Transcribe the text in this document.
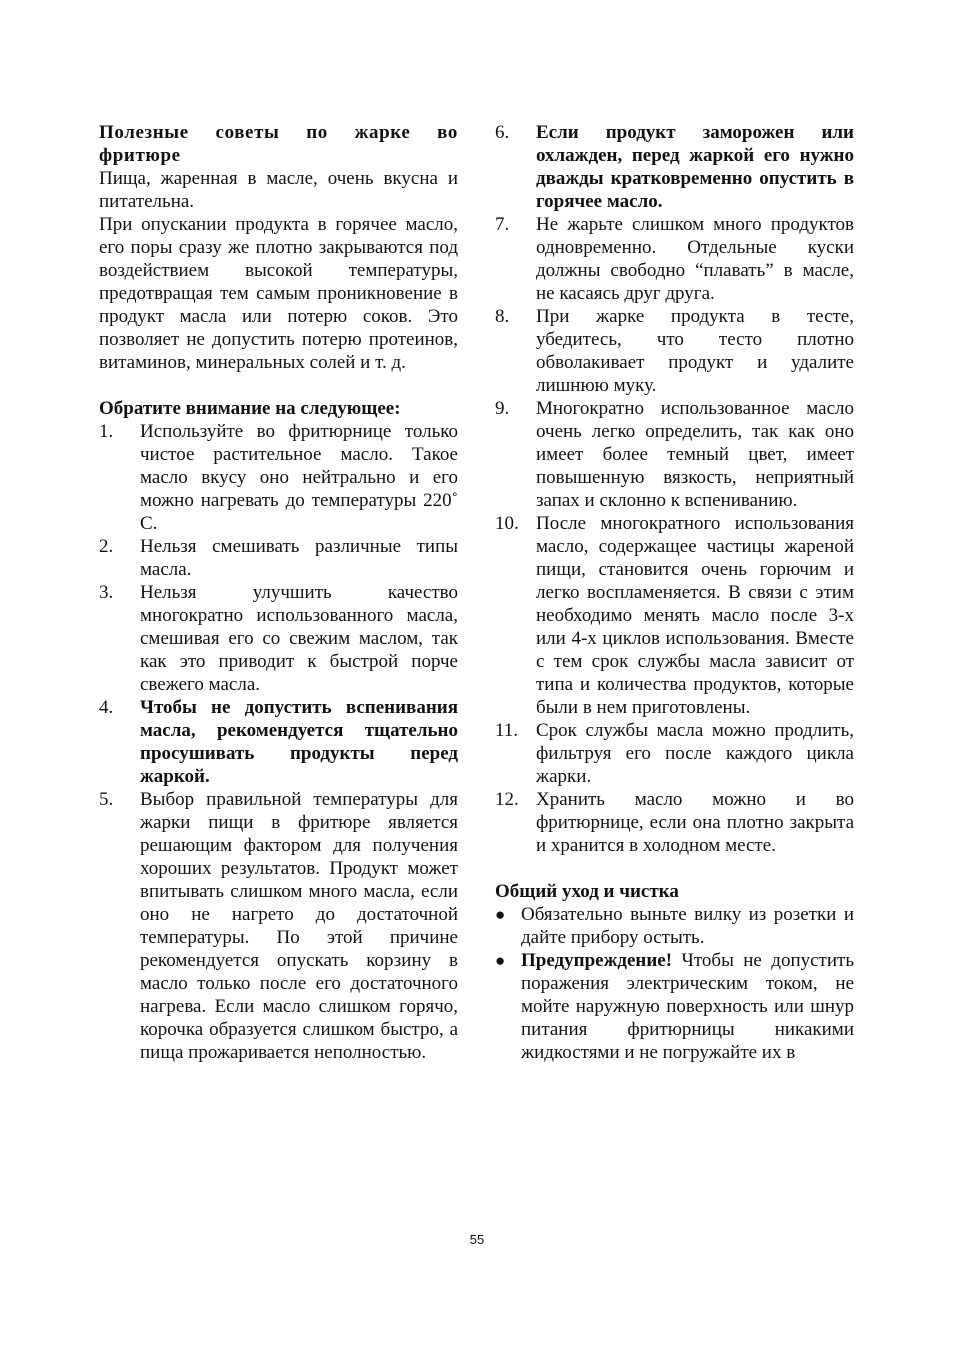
Полезные советы по жарке во фритюре

Пища, жаренная в масле, очень вкусна и питательна.

При опускании продукта в горячее масло, его поры сразу же плотно закрываются под воздействием высокой температуры, предотвращая тем самым проникновение в продукт масла или потерю соков. Это позволяет не допустить потерю протеинов, витаминов, минеральных солей и т. д.

Обратите внимание на следующее:
1.	Используйте во фритюрнице только чистое растительное масло. Такое масло вкусу оно нейтрально и его можно нагревать до температуры 220˚ С.
2.	Нельзя смешивать различные типы масла.
3.	Нельзя улучшить качество многократно использованного масла, смешивая его со свежим маслом, так как это приводит к быстрой порче свежего масла.
4.	Чтобы не допустить вспенивания масла, рекомендуется тщательно просушивать продукты перед жаркой.
5.	Выбор правильной температуры для жарки пищи в фритюре является решающим фактором для получения хороших результатов. Продукт может впитывать слишком много масла, если оно не нагрето до достаточной температуры. По этой причине рекомендуется опускать корзину в масло только после его достаточного нагрева. Если масло слишком горячо, корочка образуется слишком быстро, а пища прожаривается неполностью.
6.	Если продукт заморожен или охлажден, перед жаркой его нужно дважды кратковременно опустить в горячее масло.
7.	Не жарьте слишком много продуктов одновременно. Отдельные куски должны свободно “плавать” в масле, не касаясь друг друга.
8.	При жарке продукта в тесте, убедитесь, что тесто плотно обволакивает продукт и удалите лишнюю муку.
9.	Многократно использованное масло очень легко определить, так как оно имеет более темный цвет, имеет повышенную вязкость, неприятный запах и склонно к вспениванию.
10. После многократного использования масло, содержащее частицы жареной пищи, становится очень горючим и легко воспламеняется. В связи с этим необходимо менять масло после 3-х или 4-х циклов использования. Вместе с тем срок службы масла зависит от типа и количества продуктов, которые были в нем приготовлены.
11. Срок службы масла можно продлить, фильтруя его после каждого цикла жарки.
12. Хранить масло можно и во фритюрнице, если она плотно закрыта и хранится в холодном месте.
Общий уход и чистка
● Обязательно выньте вилку из розетки и дайте прибору остыть.
● Предупреждение! Чтобы не допустить поражения электрическим током, не мойте наружную поверхность или шнур питания фритюрницы никакими жидкостями и не погружайте их в
55
